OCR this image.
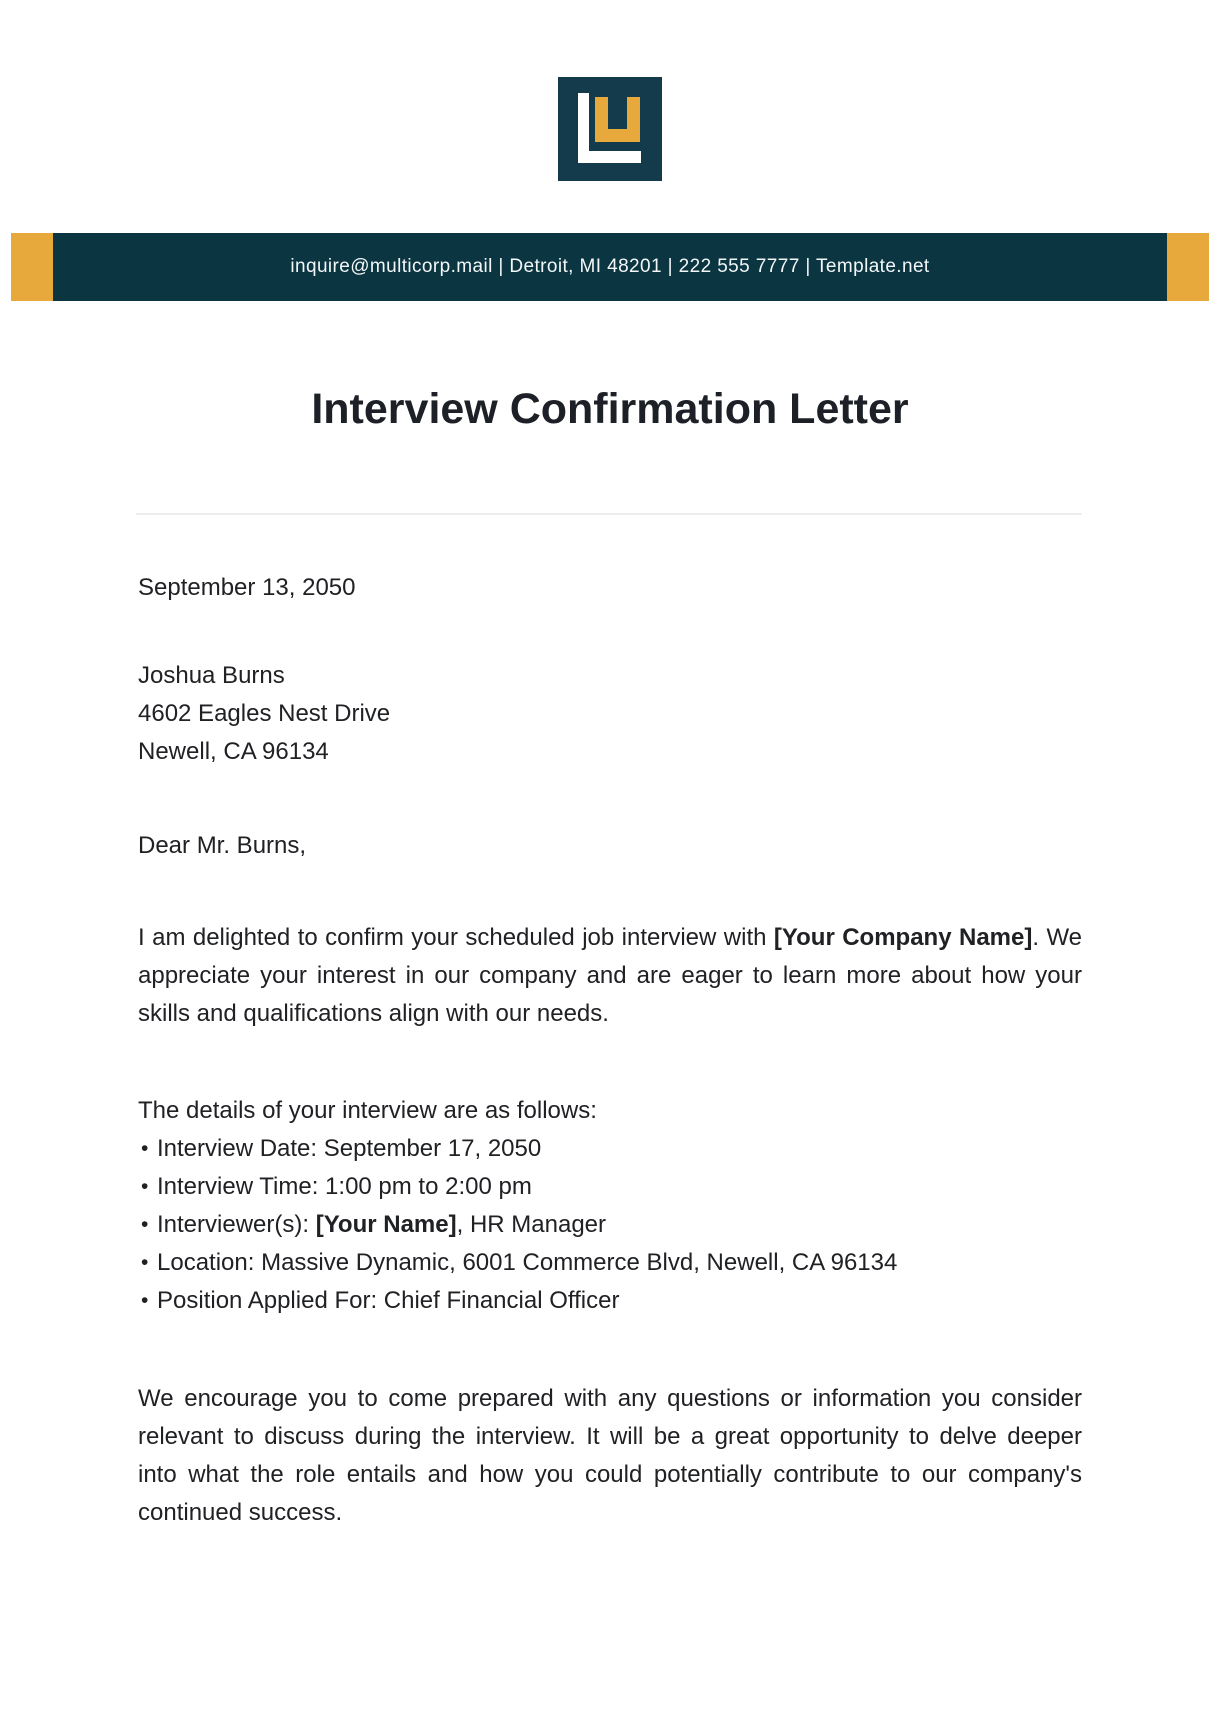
inquire@multicorp.mail | Detroit, MI 48201 | 222 555 7777 | Template.net
Interview Confirmation Letter
September 13, 2050
Joshua Burns
4602 Eagles Nest Drive
Newell, CA 96134
Dear Mr. Burns,
I am delighted to confirm your scheduled job interview with [Your Company Name]. We
appreciate your interest in our company and are eager to learn more about how your
skills and qualifications align with our needs.
The details of your interview are as follows:
• Interview Date: September 17, 2050
• Interview Time: 1:00 pm to 2:00 pm
• Interviewer(s): [Your Name], HR Manager
• Location: Massive Dynamic, 6001 Commerce Blvd, Newell, CA 96134
• Position Applied For: Chief Financial Officer
We encourage you to come prepared with any questions or information you consider
relevant to discuss during the interview. It will be a great opportunity to delve deeper
into what the role entails and how you could potentially contribute to our company's
continued success.
